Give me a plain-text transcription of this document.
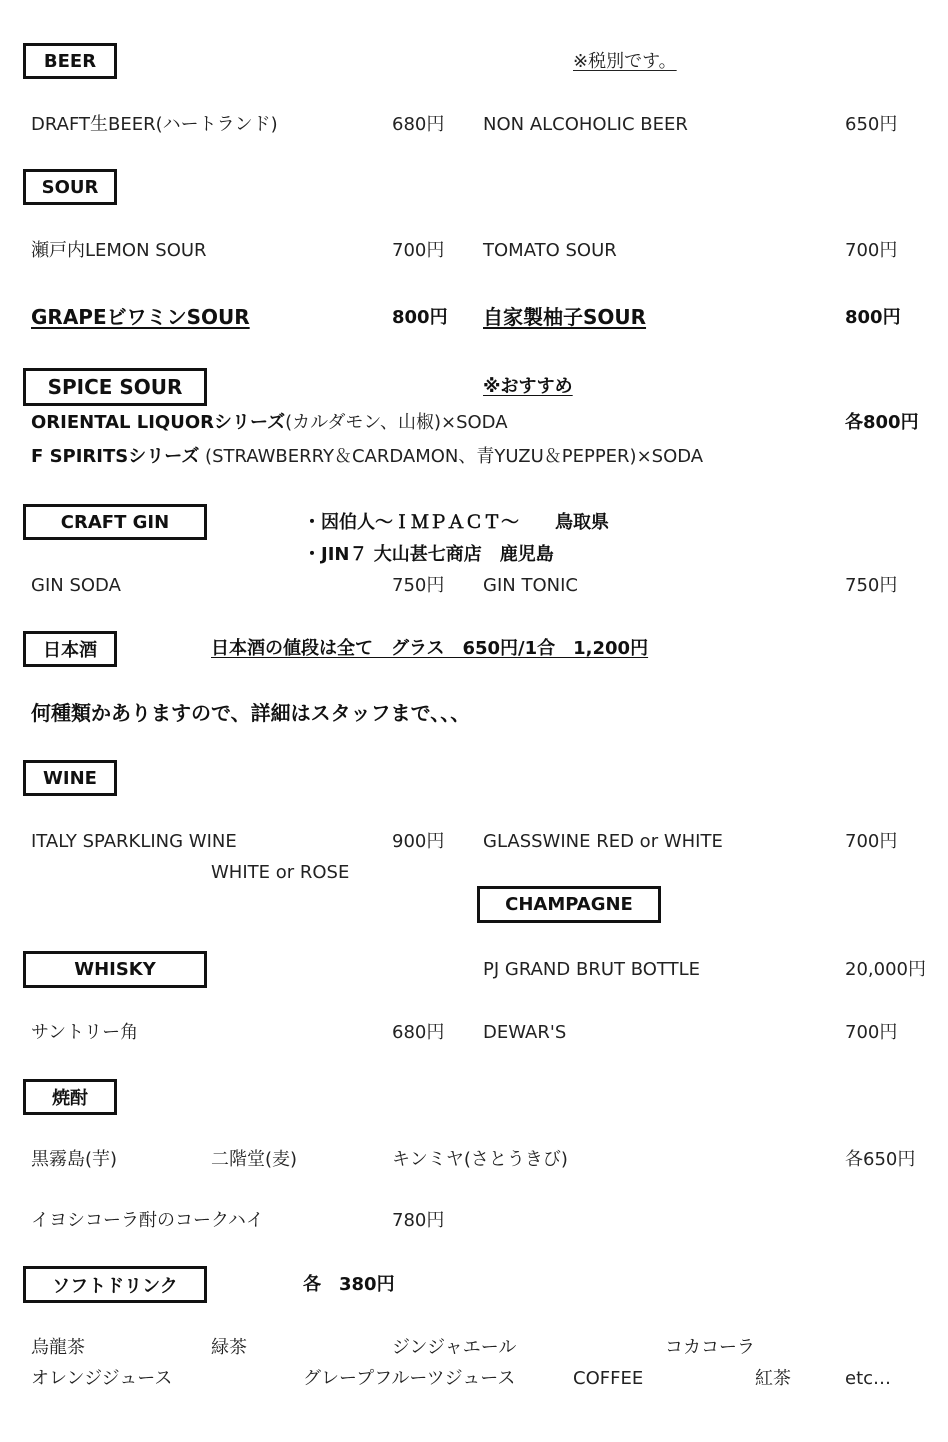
BEER	※税別です。
DRAFT生BEER(ハートランド)	680円 NON ALCOHOLIC BEER	650円
SOUR
瀬戸内LEMON SOUR	700円 TOMATO SOUR	700円
GRAPEビワミンSOUR	800円 自家製柚子SOUR	800円
SPICE SOUR	※おすすめ
ORIENTAL LIQUORシリーズ(カルダモン、山椒)×SODA	各800円
F SPIRITSシリーズ (STRAWBERRY＆CARDAMON、青YUZU＆PEPPER)×SODA
CRAFT GIN	・因伯人～ＩＭＰＡＣＴ～　　鳥取県
・JIN７ 大山甚七商店　鹿児島
GIN SODA	750円 GIN TONIC	750円
日本酒	日本酒の値段は全て　グラス　650円/1合　1,200円
何種類かありますので、詳細はスタッフまで、、、
WINE
ITALY SPARKLING WINE	900円 GLASSWINE RED or WHITE	700円
WHITE or ROSE
CHAMPAGNE
PJ GRAND BRUT BOTTLE	20,000円
WHISKY
サントリー角	680円 DEWAR'S	700円
焼酎
黒霧島(芋)	二階堂(麦)	キンミヤ(さとうきび)	各650円
イヨシコーラ酎のコークハイ	780円
ソフトドリンク	各　380円
烏龍茶	緑茶	ジンジャエール	コカコーラ
オレンジジュース	グレープフルーツジュース	COFFEE	紅茶	etc…
